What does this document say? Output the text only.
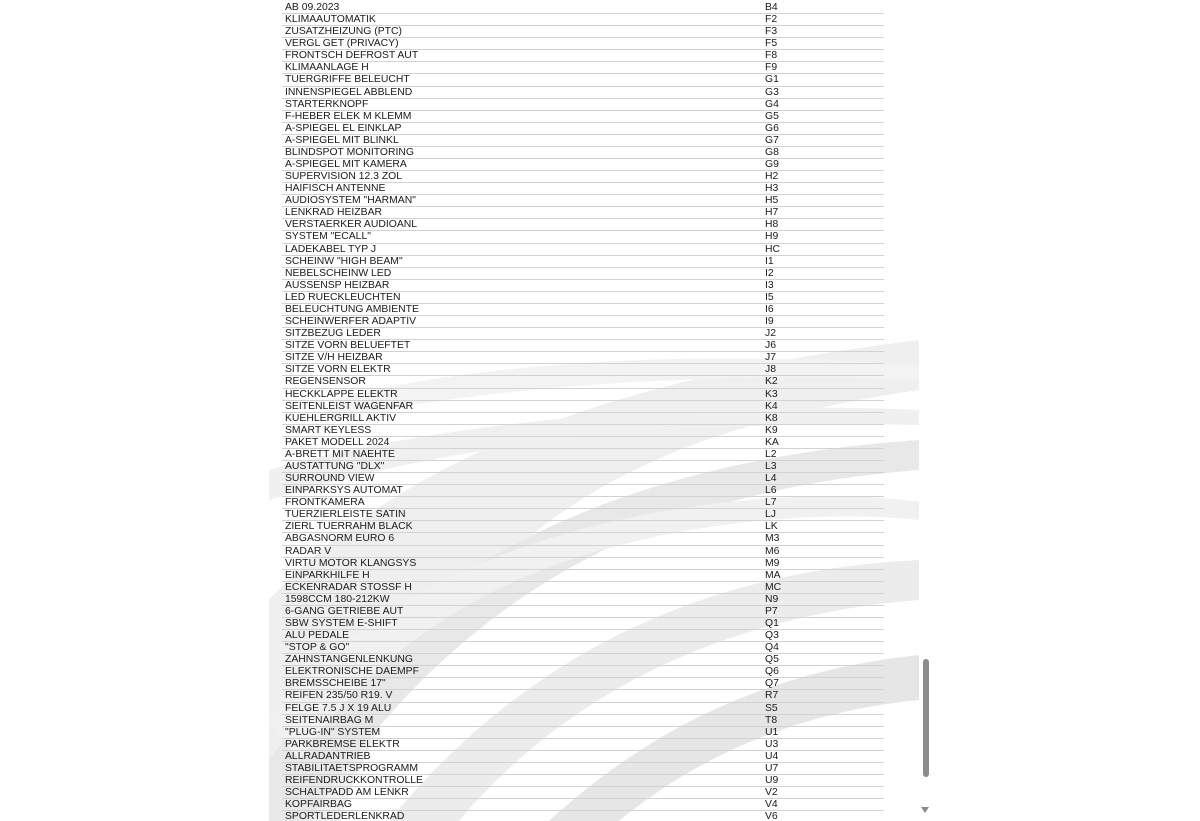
AB 09.2023	B4
KLIMAAUTOMATIK	F2
ZUSATZHEIZUNG (PTC)	F3
VERGL GET (PRIVACY)	F5
FRONTSCH DEFROST AUT	F8
KLIMAANLAGE H	F9
TUERGRIFFE BELEUCHT	G1
INNENSPIEGEL ABBLEND	G3
STARTERKNOPF	G4
F-HEBER ELEK M KLEMM	G5
A-SPIEGEL EL EINKLAP	G6
A-SPIEGEL MIT BLINKL	G7
BLINDSPOT MONITORING	G8
A-SPIEGEL MIT KAMERA	G9
SUPERVISION 12.3 ZOL	H2
HAIFISCH ANTENNE	H3
AUDIOSYSTEM "HARMAN"	H5
LENKRAD HEIZBAR	H7
VERSTAERKER AUDIOANL	H8
SYSTEM "ECALL"	H9
LADEKABEL TYP J	HC
SCHEINW "HIGH BEAM"	I1
NEBELSCHEINW LED	I2
AUSSENSP HEIZBAR	I3
LED RUECKLEUCHTEN	I5
BELEUCHTUNG AMBIENTE	I6
SCHEINWERFER ADAPTIV	I9
SITZBEZUG LEDER	J2
SITZE VORN BELUEFTET	J6
SITZE V/H HEIZBAR	J7
SITZE VORN ELEKTR	J8
REGENSENSOR	K2
HECKKLAPPE ELEKTR	K3
SEITENLEIST WAGENFAR	K4
KUEHLERGRILL AKTIV	K8
SMART KEYLESS	K9
PAKET MODELL 2024	KA
A-BRETT MIT NAEHTE	L2
AUSTATTUNG "DLX"	L3
SURROUND VIEW	L4
EINPARKSYS AUTOMAT	L6
FRONTKAMERA	L7
TUERZIERLEISTE SATIN	LJ
ZIERL TUERRAHM BLACK	LK
ABGASNORM EURO 6	M3
RADAR V	M6
VIRTU MOTOR KLANGSYS	M9
EINPARKHILFE H	MA
ECKENRADAR STOSSF H	MC
1598CCM 180-212KW	N9
6-GANG GETRIEBE AUT	P7
SBW SYSTEM E-SHIFT	Q1
ALU PEDALE	Q3
"STOP & GO"	Q4
ZAHNSTANGENLENKUNG	Q5
ELEKTRONISCHE DAEMPF	Q6
BREMSSCHEIBE 17"	Q7
REIFEN 235/50 R19. V	R7
FELGE 7.5 J X 19 ALU	S5
SEITENAIRBAG M	T8
"PLUG-IN" SYSTEM	U1
PARKBREMSE ELEKTR	U3
ALLRADANTRIEB	U4
STABILITAETSPROGRAMM	U7
REIFENDRUCKKONTROLLE	U9
SCHALTPADD AM LENKR	V2
KOPFAIRBAG	V4
SPORTLEDERLENKRAD	V6
